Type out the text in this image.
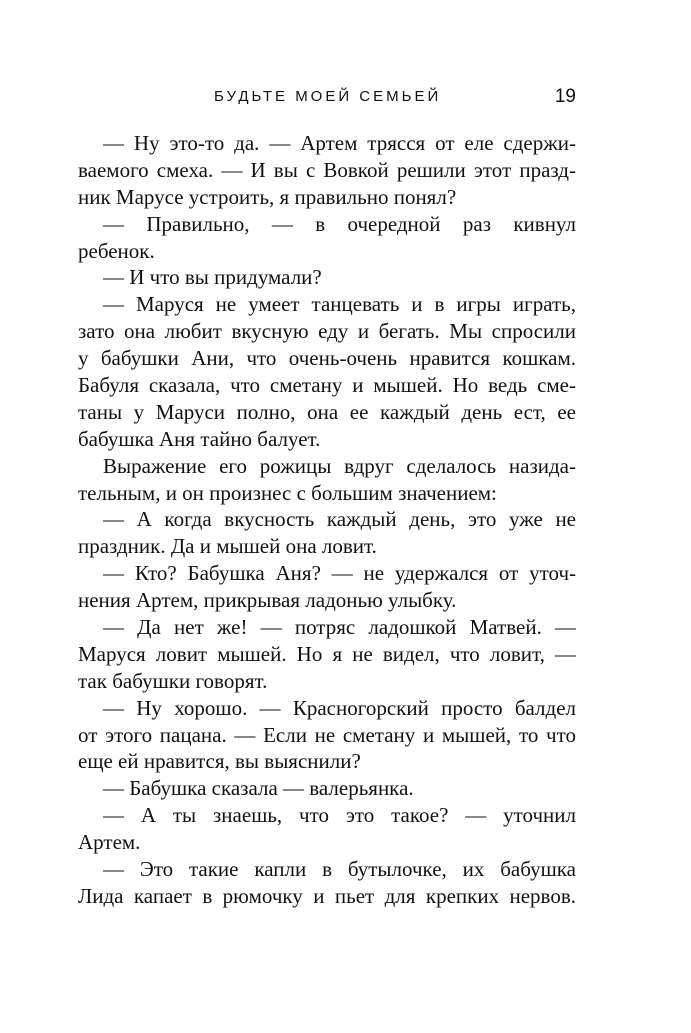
БУДЬТЕ МОЕЙ СЕМЬЕЙ	19
— Ну это-то да. — Артем трясся от еле сдержи-
ваемого смеха. — И вы с Вовкой решили этот празд-
ник Марусе устроить, я правильно понял?
— Правильно, — в очередной раз кивнул
ребенок.
— И что вы придумали?
— Маруся не умеет танцевать и в игры играть,
зато она любит вкусную еду и бегать. Мы спросили
у бабушки Ани, что очень-очень нравится кошкам.
Бабуля сказала, что сметану и мышей. Но ведь сме-
таны у Маруси полно, она ее каждый день ест, ее
бабушка Аня тайно балует.
Выражение его рожицы вдруг сделалось назида-
тельным, и он произнес с большим значением:
— А когда вкусность каждый день, это уже не
праздник. Да и мышей она ловит.
— Кто? Бабушка Аня? — не удержался от уточ-
нения Артем, прикрывая ладонью улыбку.
— Да нет же! — потряс ладошкой Матвей. —
Маруся ловит мышей. Но я не видел, что ловит, —
так бабушки говорят.
— Ну хорошо. — Красногорский просто балдел
от этого пацана. — Если не сметану и мышей, то что
еще ей нравится, вы выяснили?
— Бабушка сказала — валерьянка.
— А ты знаешь, что это такое? — уточнил
Артем.
— Это такие капли в бутылочке, их бабушка
Лида капает в рюмочку и пьет для крепких нервов.
